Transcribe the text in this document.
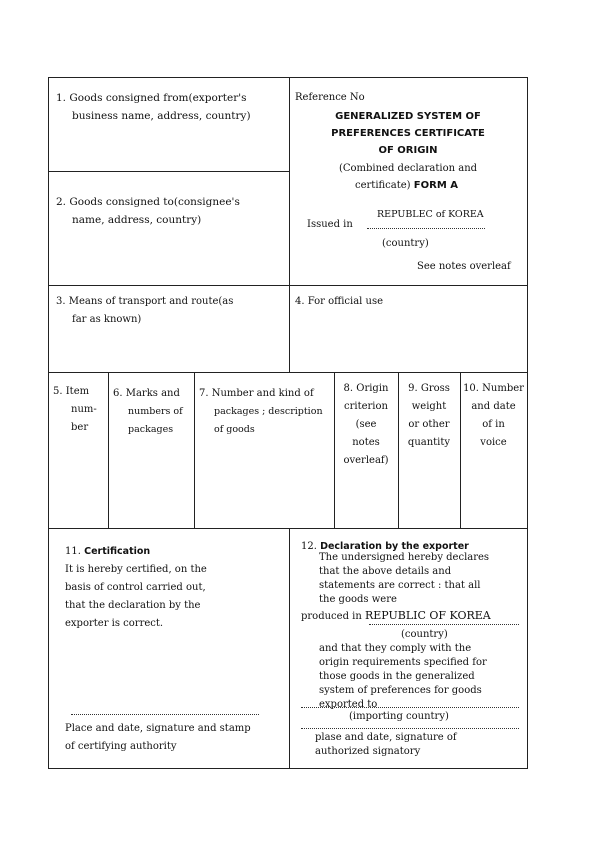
1. Goods consigned from(exporter's
business name, address, country)
2. Goods consigned to(consignee's
name, address, country)
Reference No
GENERALIZED SYSTEM OF
PREFERENCES CERTIFICATE
OF ORIGIN
(Combined declaration and
certificate) FORM A
REPUBLEC of KOREA
Issued in
(country)
See notes overleaf
3. Means of transport and route(as
far as known)
4. For official use
5. Item
num-
ber
6. Marks and
numbers of
packages
7. Number and kind of
packages ; description
of goods
8. Origin
criterion
(see
notes
overleaf)
9. Gross
weight
or other
quantity
10. Number
and date
of in
voice
11. Certification
It is hereby certified, on the
basis of control carried out,
that the declaration by the
exporter is correct.
Place and date, signature and stamp
of certifying authority
12. Declaration by the exporter
The undersigned hereby declares
that the above details and
statements are correct : that all
the goods were
produced in REPUBLIC OF KOREA
(country)
and that they comply with the
origin requirements specified for
those goods in the generalized
system of preferences for goods
exported to
(importing country)
plase and date, signature of
authorized signatory
